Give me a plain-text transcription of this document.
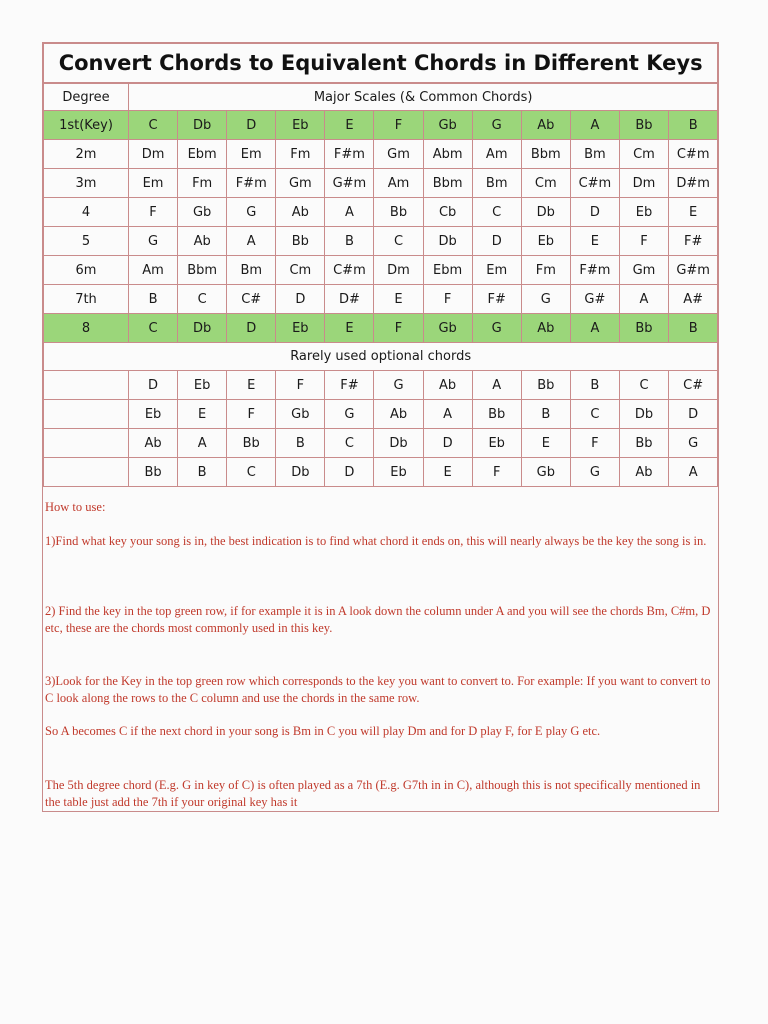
Convert Chords to Equivalent Chords in Different Keys												
Degree	Major Scales (& Common Chords)											
1st(Key)	C	Db	D	Eb	E	F	Gb	G	Ab	A	Bb	B
2m	Dm	Ebm	Em	Fm	F#m	Gm	Abm	Am	Bbm	Bm	Cm	C#m
3m	Em	Fm	F#m	Gm	G#m	Am	Bbm	Bm	Cm	C#m	Dm	D#m
4	F	Gb	G	Ab	A	Bb	Cb	C	Db	D	Eb	E
5	G	Ab	A	Bb	B	C	Db	D	Eb	E	F	F#
6m	Am	Bbm	Bm	Cm	C#m	Dm	Ebm	Em	Fm	F#m	Gm	G#m
7th	B	C	C#	D	D#	E	F	F#	G	G#	A	A#
8	C	Db	D	Eb	E	F	Gb	G	Ab	A	Bb	B
Rarely used optional chords												
	D	Eb	E	F	F#	G	Ab	A	Bb	B	C	C#
	Eb	E	F	Gb	G	Ab	A	Bb	B	C	Db	D
	Ab	A	Bb	B	C	Db	D	Eb	E	F	Bb	G
	Bb	B	C	Db	D	Eb	E	F	Gb	G	Ab	A

How to use:

1)Find what key your song is in, the best indication is to find what chord it ends on, this will nearly always be the key the song is in.

2) Find the key in the top green row, if for example it is in A look down the column under A and you will see the chords Bm, C#m, D etc, these are the chords most commonly used in this key.

3)Look for the Key in the top green row which corresponds to the key you want to convert to. For example: If you want to convert to C look along the rows to the C column and use the chords in the same row.

So A becomes C if the next chord in your song is Bm in C you will play Dm and for D play F, for E play G etc.

The 5th degree chord (E.g. G in key of C) is often played as a 7th (E.g. G7th in in C), although this is not specifically mentioned in the table just add the 7th if your original key has it
